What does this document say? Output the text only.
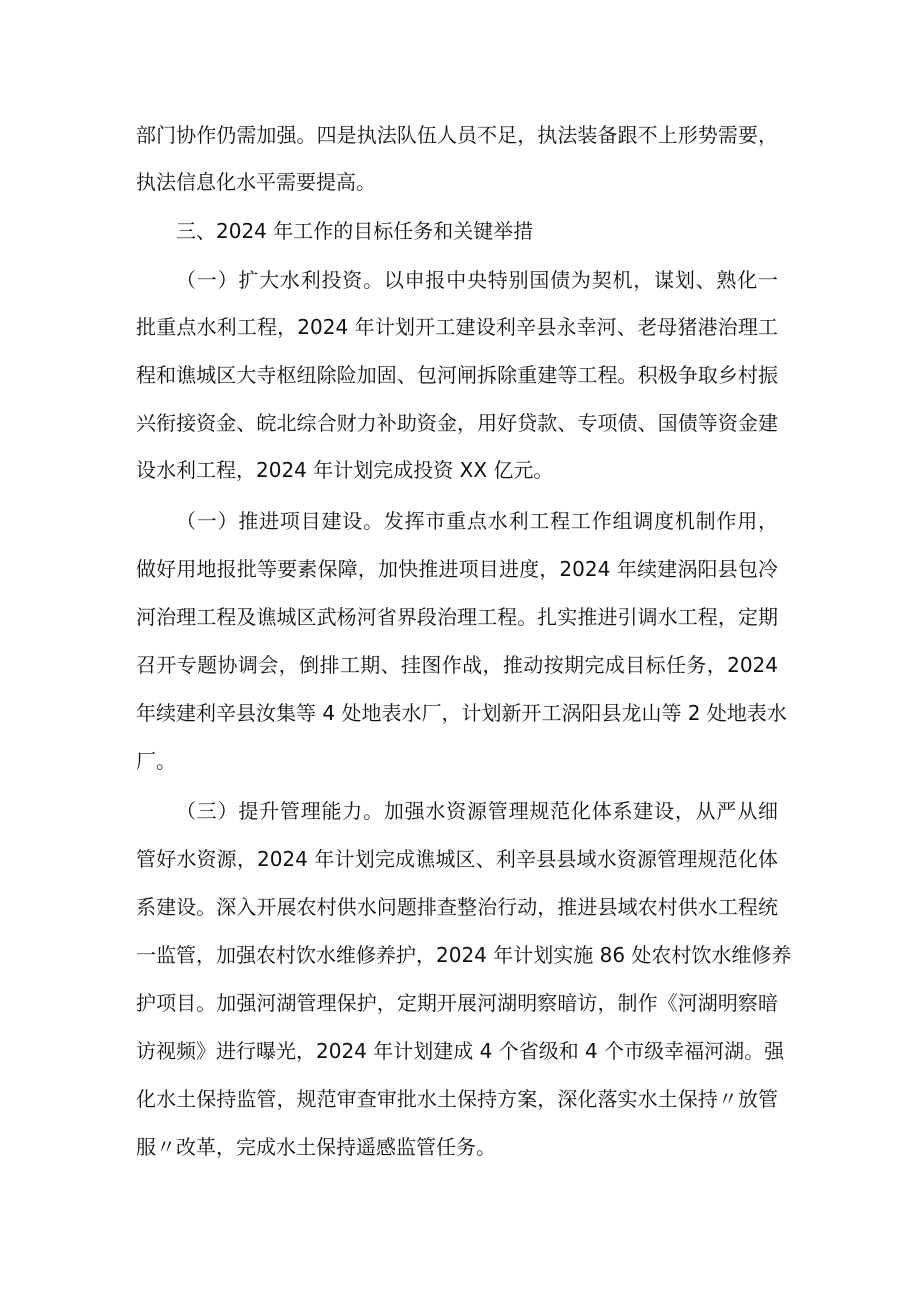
部门协作仍需加强。四是执法队伍人员不足，执法装备跟不上形势需要，
执法信息化水平需要提高。
三、2024 年工作的目标任务和关键举措
（一）扩大水利投资。以申报中央特别国债为契机，谋划、熟化一
批重点水利工程，2024 年计划开工建设利辛县永幸河、老母猪港治理工
程和谯城区大寺枢纽除险加固、包河闸拆除重建等工程。积极争取乡村振
兴衔接资金、皖北综合财力补助资金，用好贷款、专项债、国债等资金建
设水利工程，2024 年计划完成投资 XX 亿元。
（一）推进项目建设。发挥市重点水利工程工作组调度机制作用，
做好用地报批等要素保障，加快推进项目进度，2024 年续建涡阳县包冷
河治理工程及谯城区武杨河省界段治理工程。扎实推进引调水工程，定期
召开专题协调会，倒排工期、挂图作战，推动按期完成目标任务，2024
年续建利辛县汝集等 4 处地表水厂，计划新开工涡阳县龙山等 2 处地表水
厂。
（三）提升管理能力。加强水资源管理规范化体系建设，从严从细
管好水资源，2024 年计划完成谯城区、利辛县县域水资源管理规范化体
系建设。深入开展农村供水问题排查整治行动，推进县域农村供水工程统
一监管，加强农村饮水维修养护，2024 年计划实施 86 处农村饮水维修养
护项目。加强河湖管理保护，定期开展河湖明察暗访，制作《河湖明察暗
访视频》进行曝光，2024 年计划建成 4 个省级和 4 个市级幸福河湖。强
化水土保持监管，规范审查审批水土保持方案，深化落实水土保持〃放管
服〃改革，完成水土保持遥感监管任务。
